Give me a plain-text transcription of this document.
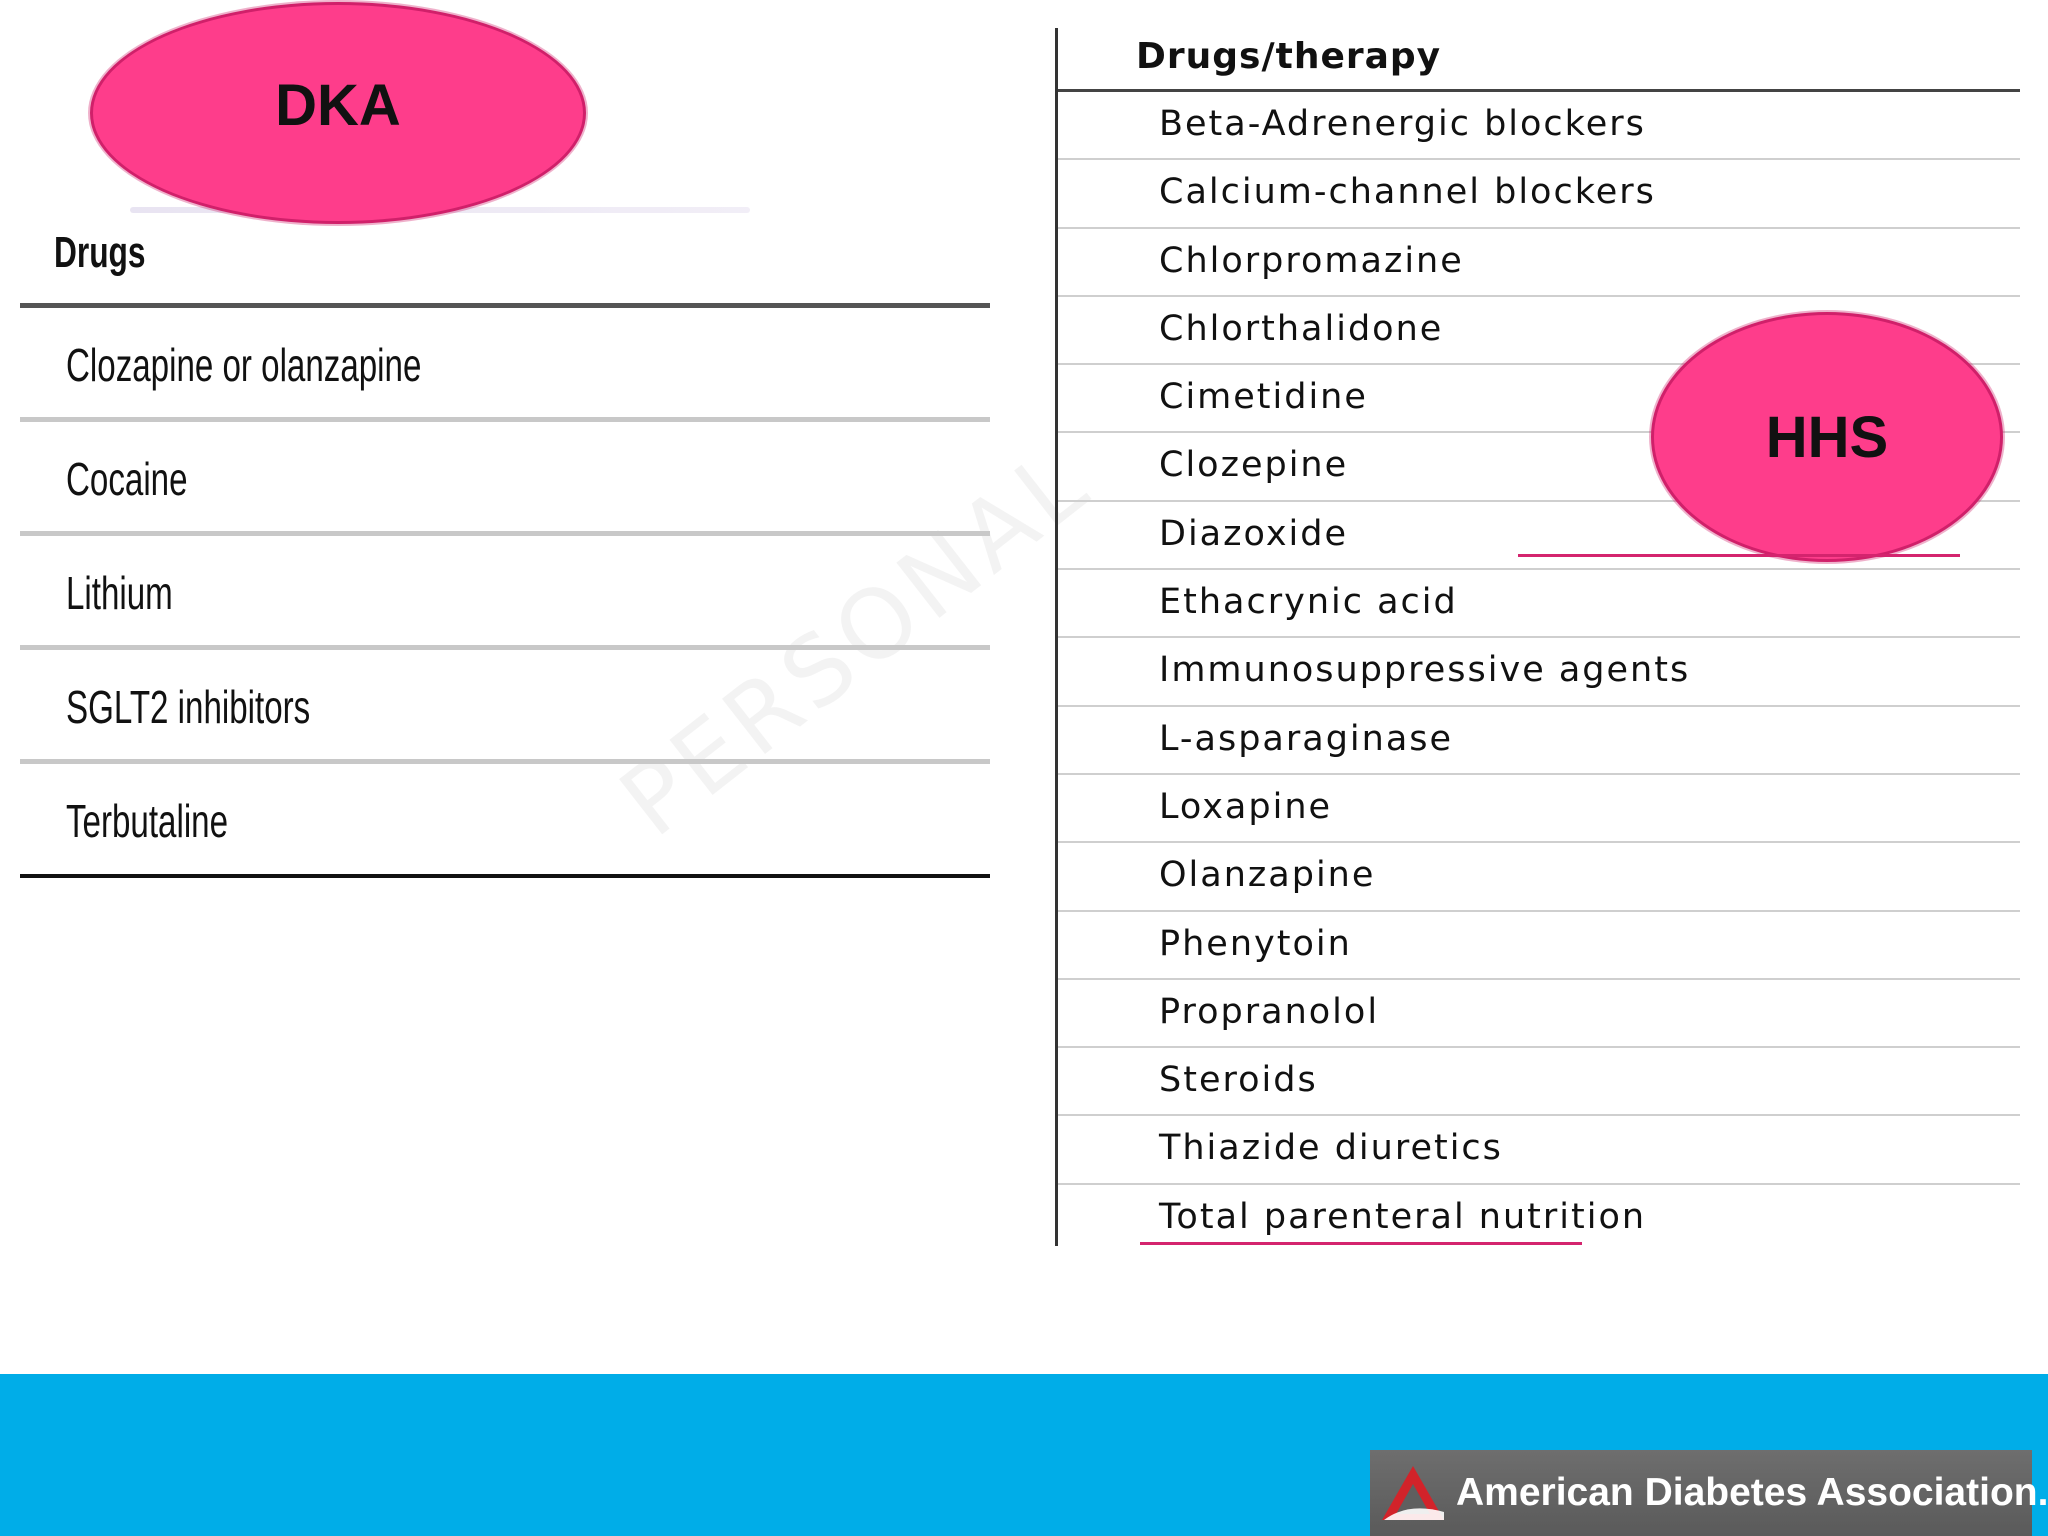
Drugs
Clozapine or olanzapine
Cocaine
Lithium
SGLT2 inhibitors
Terbutaline
DKA
Drugs/therapy
Beta-Adrenergic blockers
Calcium-channel blockers
Chlorpromazine
Chlorthalidone
Cimetidine
Clozepine
Diazoxide
Ethacrynic acid
Immunosuppressive agents
L-asparaginase
Loxapine
Olanzapine
Phenytoin
Propranolol
Steroids
Thiazide diuretics
Total parenteral nutrition
HHS
American Diabetes Association.
